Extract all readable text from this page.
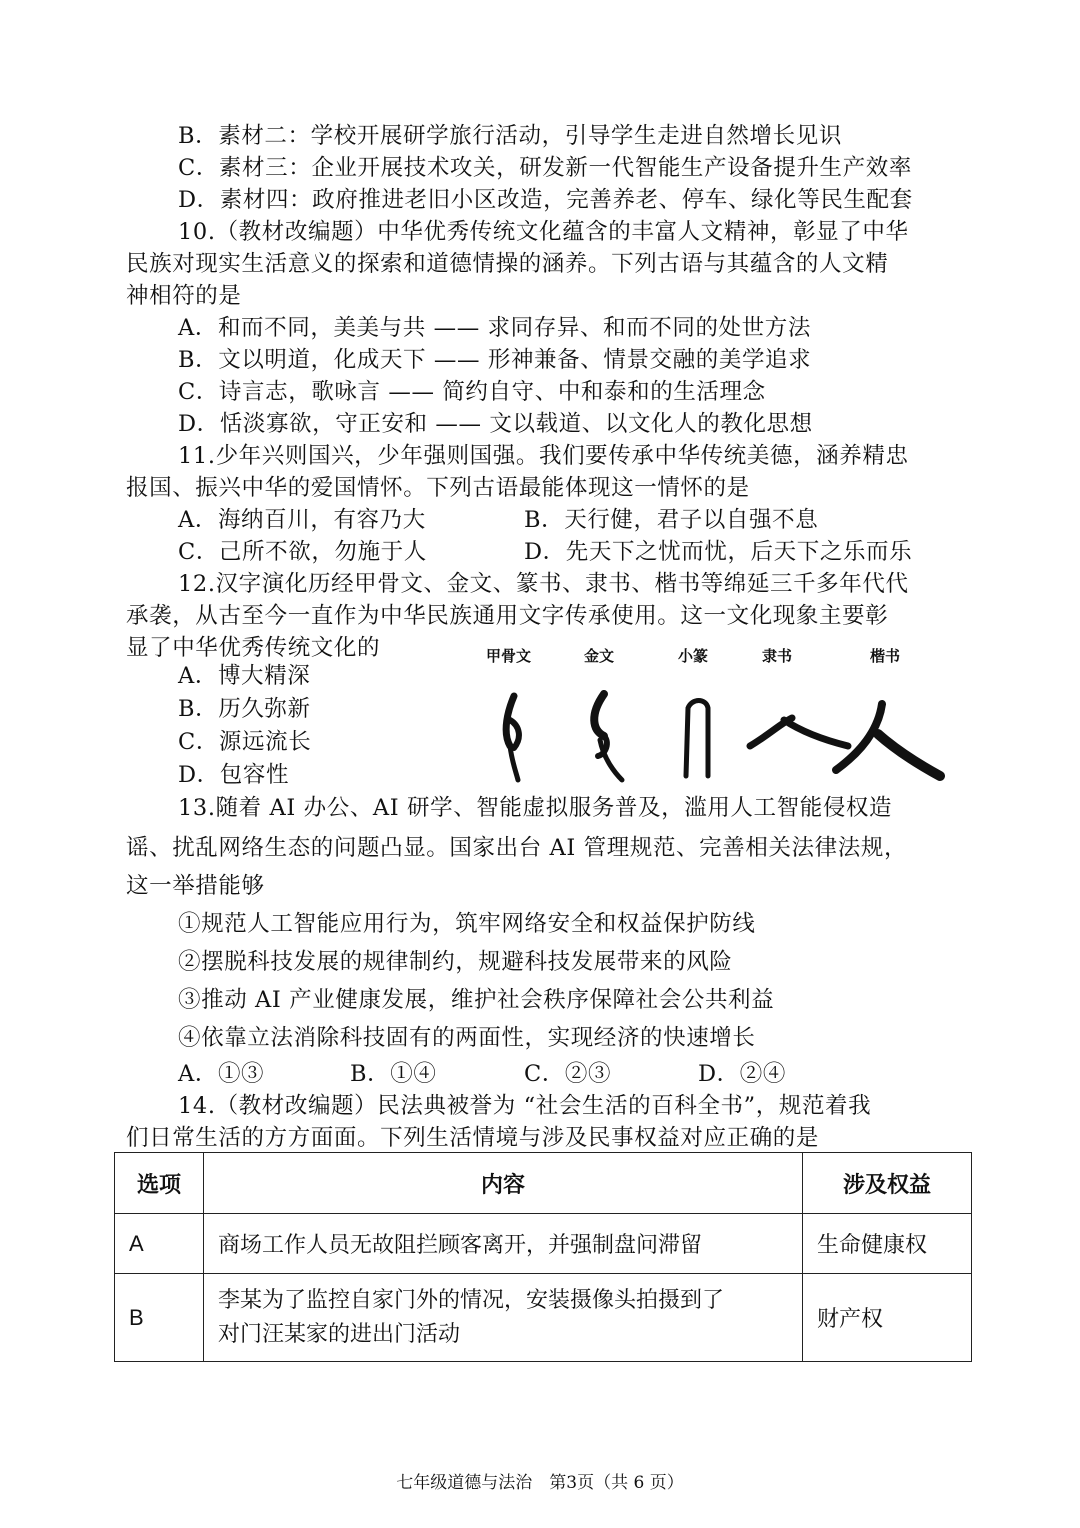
B．素材二：学校开展研学旅行活动，引导学生走进自然增长见识
C．素材三：企业开展技术攻关，研发新一代智能生产设备提升生产效率
D．素材四：政府推进老旧小区改造，完善养老、停车、绿化等民生配套
10.（教材改编题）中华优秀传统文化蕴含的丰富人文精神，彰显了中华
民族对现实生活意义的探索和道德情操的涵养。下列古语与其蕴含的人文精
神相符的是
A．和而不同，美美与共 —— 求同存异、和而不同的处世方法
B．文以明道，化成天下 —— 形神兼备、情景交融的美学追求
C．诗言志，歌咏言 —— 简约自守、中和泰和的生活理念
D．恬淡寡欲，守正安和 —— 文以载道、以文化人的教化思想
11.少年兴则国兴，少年强则国强。我们要传承中华传统美德，涵养精忠
报国、振兴中华的爱国情怀。下列古语最能体现这一情怀的是
A．海纳百川，有容乃大	B．天行健，君子以自强不息
C．己所不欲，勿施于人	D．先天下之忧而忧，后天下之乐而乐
12.汉字演化历经甲骨文、金文、篆书、隶书、楷书等绵延三千多年代代
承袭，从古至今一直作为中华民族通用文字传承使用。这一文化现象主要彰
显了中华优秀传统文化的
A．博大精深
B．历久弥新
C．源远流长
D．包容性
甲骨文	金文	小篆	隶书	楷书
13.随着 AI 办公、AI 研学、智能虚拟服务普及，滥用人工智能侵权造
谣、扰乱网络生态的问题凸显。国家出台 AI 管理规范、完善相关法律法规，
这一举措能够
①规范人工智能应用行为，筑牢网络安全和权益保护防线
②摆脱科技发展的规律制约，规避科技发展带来的风险
③推动 AI 产业健康发展，维护社会秩序保障社会公共利益
④依靠立法消除科技固有的两面性，实现经济的快速增长
A．①③	B．①④	C．②③	D．②④
14.（教材改编题）民法典被誉为 “社会生活的百科全书”，规范着我
们日常生活的方方面面。下列生活情境与涉及民事权益对应正确的是
选项	内容	涉及权益
A	商场工作人员无故阻拦顾客离开，并强制盘问滞留	生命健康权
B	李某为了监控自家门外的情况，安装摄像头拍摄到了
对门汪某家的进出门活动	财产权
七年级道德与法治　第3页（共 6 页）
